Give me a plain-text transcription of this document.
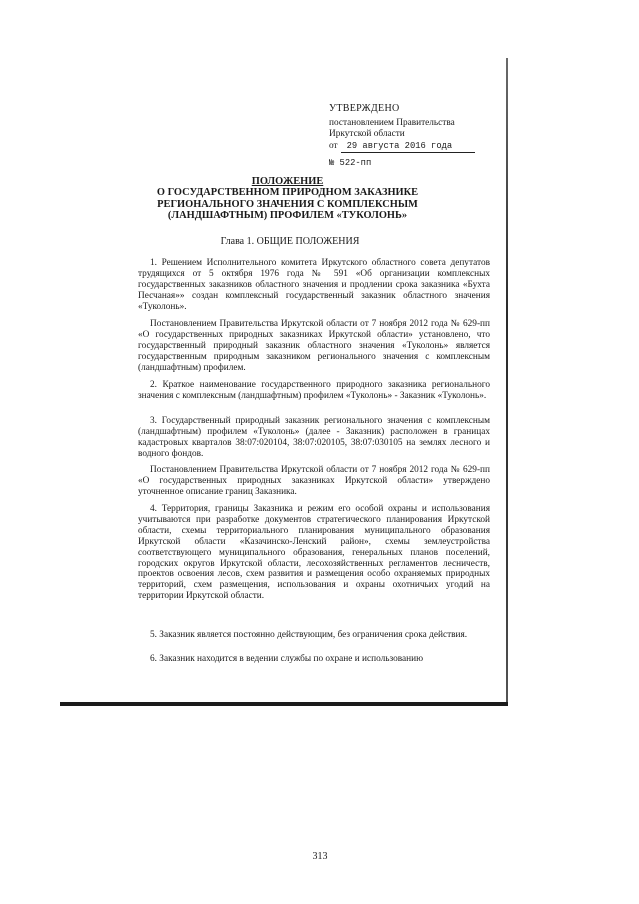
УТВЕРЖДЕНО
постановлением Правительства
Иркутской области
от	29 августа 2016 года
№ 522-пп
ПОЛОЖЕНИЕ
О ГОСУДАРСТВЕННОМ ПРИРОДНОМ ЗАКАЗНИКЕ
РЕГИОНАЛЬНОГО ЗНАЧЕНИЯ С КОМПЛЕКСНЫМ
(ЛАНДШАФТНЫМ) ПРОФИЛЕМ «ТУКОЛОНЬ»
Глава 1. ОБЩИЕ ПОЛОЖЕНИЯ
1. Решением Исполнительного комитета Иркутского областного совета депутатов трудящихся от 5 октября 1976 года № 591 «Об организации комплексных государственных заказников областного значения и продлении срока заказника «Бухта Песчаная»» создан комплексный государственный заказник областного значения «Туколонь».
Постановлением Правительства Иркутской области от 7 ноября 2012 года № 629-пп «О государственных природных заказниках Иркутской области» установлено, что государственный природный заказник областного значения «Туколонь» является государственным природным заказником регионального значения с комплексным (ландшафтным) профилем.
2. Краткое наименование государственного природного заказника регионального значения с комплексным (ландшафтным) профилем «Туколонь» - Заказник «Туколонь».
3. Государственный природный заказник регионального значения с комплексным (ландшафтным) профилем «Туколонь» (далее - Заказник) расположен в границах кадастровых кварталов 38:07:020104, 38:07:020105, 38:07:030105 на землях лесного и водного фондов.
Постановлением Правительства Иркутской области от 7 ноября 2012 года № 629-пп «О государственных природных заказниках Иркутской области» утверждено уточненное описание границ Заказника.
4. Территория, границы Заказника и режим его особой охраны и использования учитываются при разработке документов стратегического планирования Иркутской области, схемы территориального планирования муниципального образования Иркутской области «Казачинско-Ленский район», схемы землеустройства соответствующего муниципального образования, генеральных планов поселений, городских округов Иркутской области, лесохозяйственных регламентов лесничеств, проектов освоения лесов, схем развития и размещения особо охраняемых природных территорий, схем размещения, использования и охраны охотничьих угодий на территории Иркутской области.
5. Заказник является постоянно действующим, без ограничения срока действия.
6. Заказник находится в ведении службы по охране и использованию
313
